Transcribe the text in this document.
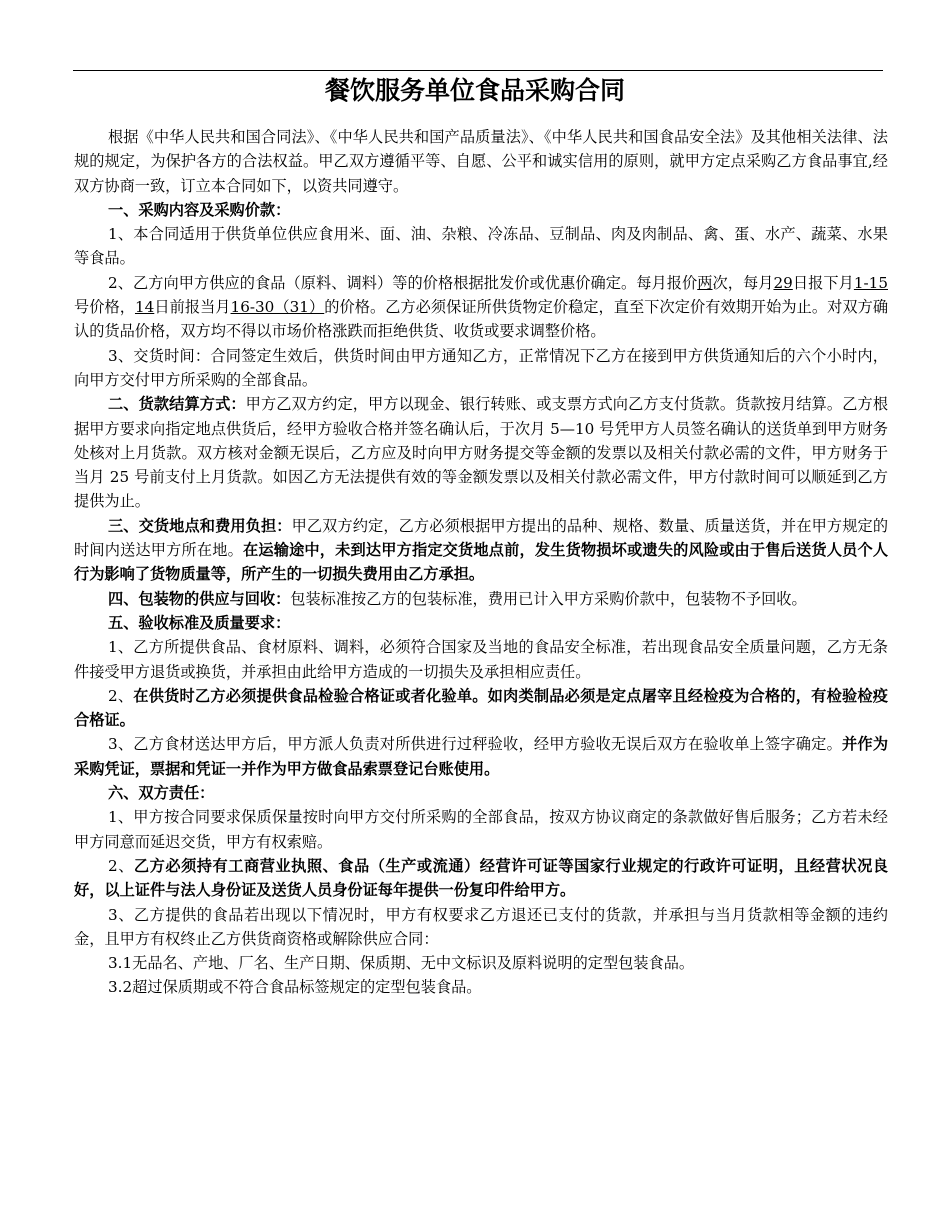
餐饮服务单位食品采购合同

根据《中华人民共和国合同法》、《中华人民共和国产品质量法》、《中华人民共和国食品安全法》及其他相关法律、法规的规定，为保护各方的合法权益。甲乙双方遵循平等、自愿、公平和诚实信用的原则，就甲方定点采购乙方食品事宜,经双方协商一致，订立本合同如下，以资共同遵守。

一、采购内容及采购价款：

1、本合同适用于供货单位供应食用米、面、油、杂粮、冷冻品、豆制品、肉及肉制品、禽、蛋、水产、蔬菜、水果等食品。

2、乙方向甲方供应的食品（原料、调料）等的价格根据批发价或优惠价确定。每月报价两次，每月29日报下月1-15号价格，14日前报当月16-30（31）的价格。乙方必须保证所供货物定价稳定，直至下次定价有效期开始为止。对双方确认的货品价格，双方均不得以市场价格涨跌而拒绝供货、收货或要求调整价格。

3、交货时间：合同签定生效后，供货时间由甲方通知乙方，正常情况下乙方在接到甲方供货通知后的六个小时内，向甲方交付甲方所采购的全部食品。

二、货款结算方式：甲方乙双方约定，甲方以现金、银行转账、或支票方式向乙方支付货款。货款按月结算。乙方根据甲方要求向指定地点供货后，经甲方验收合格并签名确认后，于次月 5—10 号凭甲方人员签名确认的送货单到甲方财务处核对上月货款。双方核对金额无误后，乙方应及时向甲方财务提交等金额的发票以及相关付款必需的文件，甲方财务于当月 25 号前支付上月货款。如因乙方无法提供有效的等金额发票以及相关付款必需文件，甲方付款时间可以顺延到乙方提供为止。

三、交货地点和费用负担：甲乙双方约定，乙方必须根据甲方提出的品种、规格、数量、质量送货，并在甲方规定的时间内送达甲方所在地。在运输途中，未到达甲方指定交货地点前，发生货物损坏或遗失的风险或由于售后送货人员个人行为影响了货物质量等，所产生的一切损失费用由乙方承担。

四、包装物的供应与回收：包装标准按乙方的包装标准，费用已计入甲方采购价款中，包装物不予回收。

五、验收标准及质量要求：

1、乙方所提供食品、食材原料、调料，必须符合国家及当地的食品安全标准，若出现食品安全质量问题，乙方无条件接受甲方退货或换货，并承担由此给甲方造成的一切损失及承担相应责任。

2、在供货时乙方必须提供食品检验合格证或者化验单。如肉类制品必须是定点屠宰且经检疫为合格的，有检验检疫合格证。

3、乙方食材送达甲方后，甲方派人负责对所供进行过秤验收，经甲方验收无误后双方在验收单上签字确定。并作为采购凭证，票据和凭证一并作为甲方做食品索票登记台账使用。

六、双方责任：

1、甲方按合同要求保质保量按时向甲方交付所采购的全部食品，按双方协议商定的条款做好售后服务；乙方若未经甲方同意而延迟交货，甲方有权索赔。

2、乙方必须持有工商营业执照、食品（生产或流通）经营许可证等国家行业规定的行政许可证明，且经营状况良好，以上证件与法人身份证及送货人员身份证每年提供一份复印件给甲方。

3、乙方提供的食品若出现以下情况时，甲方有权要求乙方退还已支付的货款，并承担与当月货款相等金额的违约金，且甲方有权终止乙方供货商资格或解除供应合同：

3.1无品名、产地、厂名、生产日期、保质期、无中文标识及原料说明的定型包装食品。

3.2超过保质期或不符合食品标签规定的定型包装食品。
